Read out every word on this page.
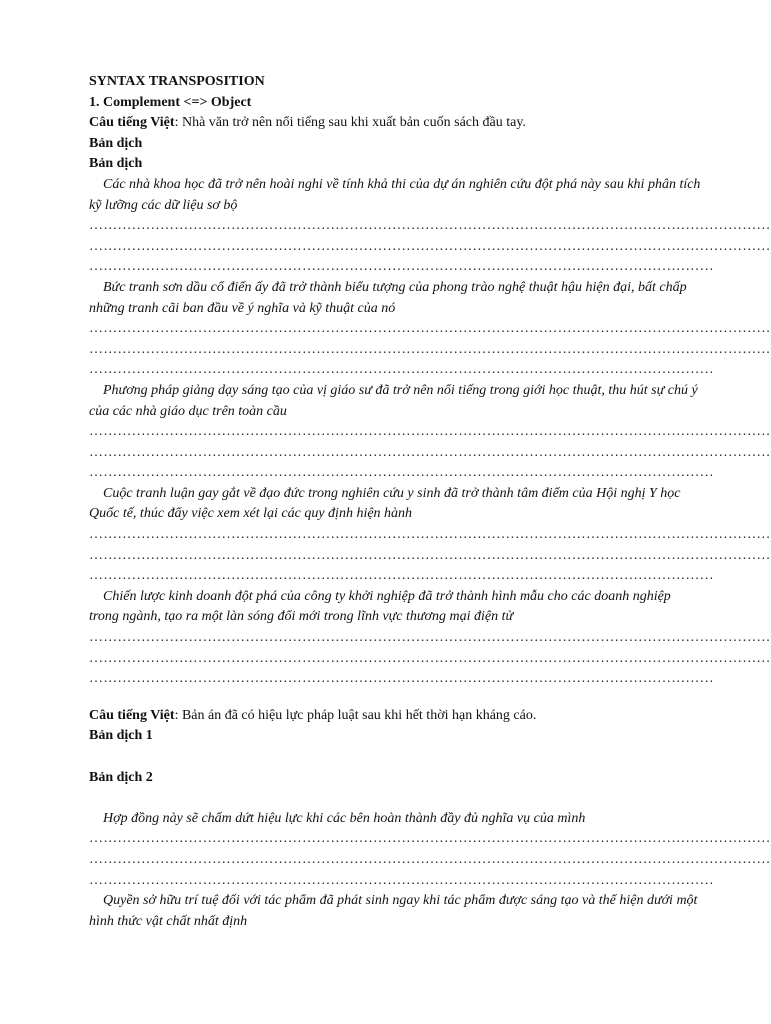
SYNTAX TRANSPOSITION

1. Complement <=> Object

Câu tiếng Việt: Nhà văn trở nên nổi tiếng sau khi xuất bản cuốn sách đầu tay.

Bản dịch

Bản dịch

Các nhà khoa học đã trở nên hoài nghi về tính khả thi của dự án nghiên cứu đột phá này sau khi phân tích kỹ lưỡng các dữ liệu sơ bộ

………………………………………………………………………………………………………………………………
………………………………………………………………………………………………………………………………
……………………………………………………………………………………………………………………

Bức tranh sơn dầu cổ điển ấy đã trở thành biểu tượng của phong trào nghệ thuật hậu hiện đại, bất chấp những tranh cãi ban đầu về ý nghĩa và kỹ thuật của nó

………………………………………………………………………………………………………………………………
………………………………………………………………………………………………………………………………
……………………………………………………………………………………………………………………

Phương pháp giảng dạy sáng tạo của vị giáo sư đã trở nên nổi tiếng trong giới học thuật, thu hút sự chú ý của các nhà giáo dục trên toàn cầu

………………………………………………………………………………………………………………………………
………………………………………………………………………………………………………………………………
……………………………………………………………………………………………………………………

Cuộc tranh luận gay gắt về đạo đức trong nghiên cứu y sinh đã trở thành tâm điểm của Hội nghị Y học Quốc tế, thúc đẩy việc xem xét lại các quy định hiện hành

………………………………………………………………………………………………………………………………
………………………………………………………………………………………………………………………………
……………………………………………………………………………………………………………………

Chiến lược kinh doanh đột phá của công ty khởi nghiệp đã trở thành hình mẫu cho các doanh nghiệp trong ngành, tạo ra một làn sóng đổi mới trong lĩnh vực thương mại điện tử

………………………………………………………………………………………………………………………………
………………………………………………………………………………………………………………………………
……………………………………………………………………………………………………………………

Câu tiếng Việt: Bản án đã có hiệu lực pháp luật sau khi hết thời hạn kháng cáo.

Bản dịch 1

Bản dịch 2

Hợp đồng này sẽ chấm dứt hiệu lực khi các bên hoàn thành đầy đủ nghĩa vụ của mình

………………………………………………………………………………………………………………………………
………………………………………………………………………………………………………………………………
……………………………………………………………………………………………………………………

Quyền sở hữu trí tuệ đối với tác phẩm đã phát sinh ngay khi tác phẩm được sáng tạo và thể hiện dưới một hình thức vật chất nhất định
